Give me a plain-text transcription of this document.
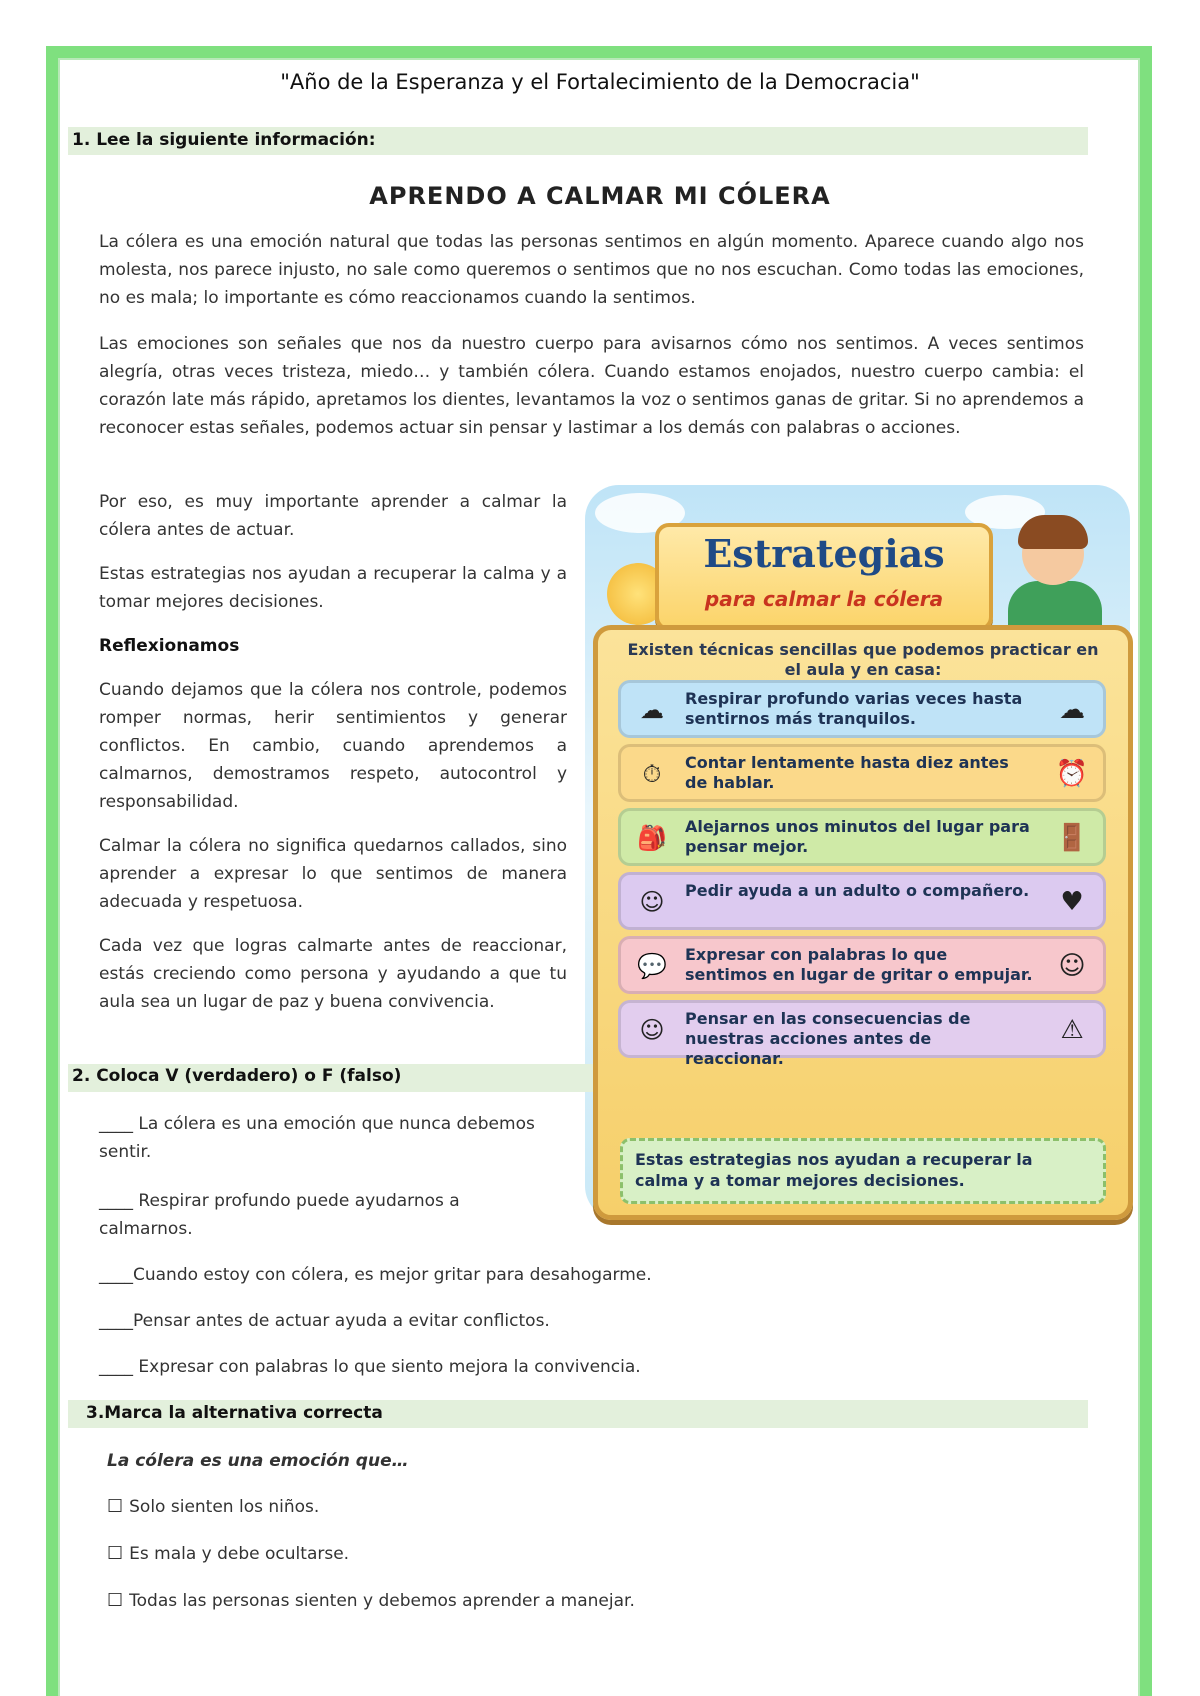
"Año de la Esperanza y el Fortalecimiento de la Democracia"
1. Lee la siguiente información:
APRENDO A CALMAR MI CÓLERA
La cólera es una emoción natural que todas las personas sentimos en algún momento. Aparece cuando algo nos molesta, nos parece injusto, no sale como queremos o sentimos que no nos escuchan. Como todas las emociones, no es mala; lo importante es cómo reaccionamos cuando la sentimos.
Las emociones son señales que nos da nuestro cuerpo para avisarnos cómo nos sentimos. A veces sentimos alegría, otras veces tristeza, miedo… y también cólera. Cuando estamos enojados, nuestro cuerpo cambia: el corazón late más rápido, apretamos los dientes, levantamos la voz o sentimos ganas de gritar. Si no aprendemos a reconocer estas señales, podemos actuar sin pensar y lastimar a los demás con palabras o acciones.
Por eso, es muy importante aprender a calmar la cólera antes de actuar.
Estas estrategias nos ayudan a recuperar la calma y a tomar mejores decisiones.
Reflexionamos
Cuando dejamos que la cólera nos controle, podemos romper normas, herir sentimientos y generar conflictos. En cambio, cuando aprendemos a calmarnos, demostramos respeto, autocontrol y responsabilidad.
Calmar la cólera no significa quedarnos callados, sino aprender a expresar lo que sentimos de manera adecuada y respetuosa.
Cada vez que logras calmarte antes de reaccionar, estás creciendo como persona y ayudando a que tu aula sea un lugar de paz y buena convivencia.
Estrategias
para calmar la cólera
Existen técnicas sencillas que podemos practicar en el aula y en casa:
☁	Respirar profundo varias veces hasta sentirnos más tranquilos.	☁
⏱	Contar lentamente hasta diez antes de hablar.	⏰
🎒	Alejarnos unos minutos del lugar para pensar mejor.	🚪
☺	Pedir ayuda a un adulto o compañero.	♥
💬	Expresar con palabras lo que sentimos en lugar de gritar o empujar. ☺
☺	Pensar en las consecuencias de nuestras acciones antes de reaccionar.
⚠
Estas estrategias nos ayudan a recuperar la calma y a tomar mejores decisiones.
2. Coloca V (verdadero) o F (falso)
____ La cólera es una emoción que nunca debemos sentir.
____ Respirar profundo puede ayudarnos a calmarnos.
____Cuando estoy con cólera, es mejor gritar para desahogarme.
____Pensar antes de actuar ayuda a evitar conflictos.
____ Expresar con palabras lo que siento mejora la convivencia.
3.Marca la alternativa correcta
La cólera es una emoción que…
☐ Solo sienten los niños.
☐ Es mala y debe ocultarse.
☐ Todas las personas sienten y debemos aprender a manejar.
